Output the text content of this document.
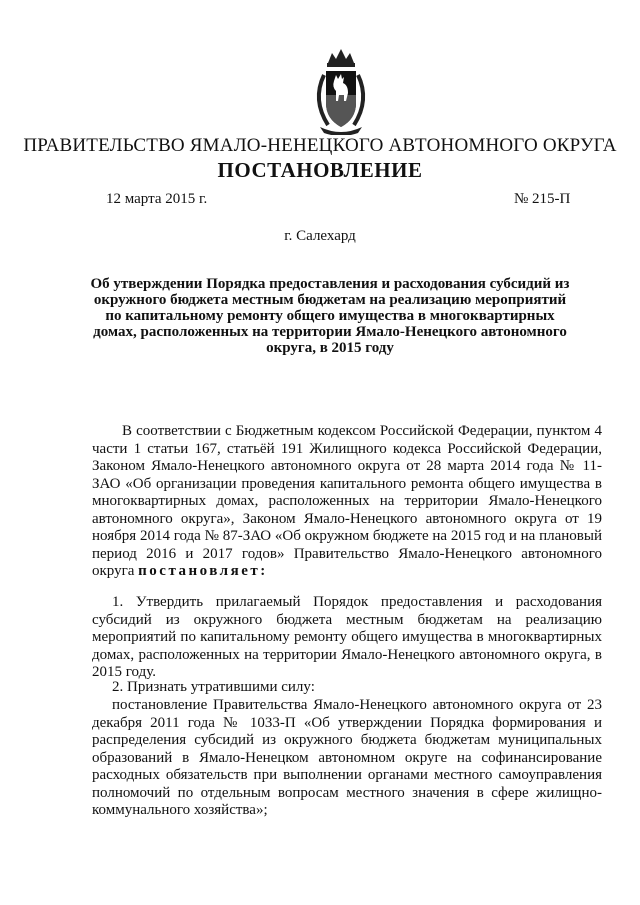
ПРАВИТЕЛЬСТВО ЯМАЛО-НЕНЕЦКОГО АВТОНОМНОГО ОКРУГА
ПОСТАНОВЛЕНИЕ
12 марта 2015 г.	№ 215-П
г. Салехард
Об утверждении Порядка предоставления и расходования субсидий из окружного бюджета местным бюджетам на реализацию мероприятий по капитальному ремонту общего имущества в многоквартирных домах, расположенных на территории Ямало-Ненецкого автономного округа, в 2015 году
В соответствии с Бюджетным кодексом Российской Федерации, пунктом 4 части 1 статьи 167, статьёй 191 Жилищного кодекса Российской Федерации, Законом Ямало-Ненецкого автономного округа от 28 марта 2014 года № 11-ЗАО «Об организации проведения капитального ремонта общего имущества в многоквартирных домах, расположенных на территории Ямало-Ненецкого автономного округа», Законом Ямало-Ненецкого автономного округа от 19 ноября 2014 года № 87-ЗАО «Об окружном бюджете на 2015 год и на плановый период 2016 и 2017 годов» Правительство Ямало-Ненецкого автономного округа постановляет:
1. Утвердить прилагаемый Порядок предоставления и расходования субсидий из окружного бюджета местным бюджетам на реализацию мероприятий по капитальному ремонту общего имущества в многоквартирных домах, расположенных на территории Ямало-Ненецкого автономного округа, в 2015 году.
2. Признать утратившими силу:
постановление Правительства Ямало-Ненецкого автономного округа от 23 декабря 2011 года № 1033-П «Об утверждении Порядка формирования и распределения субсидий из окружного бюджета бюджетам муниципальных образований в Ямало-Ненецком автономном округе на софинансирование расходных обязательств при выполнении органами местного самоуправления полномочий по отдельным вопросам местного значения в сфере жилищно-коммунального хозяйства»;
